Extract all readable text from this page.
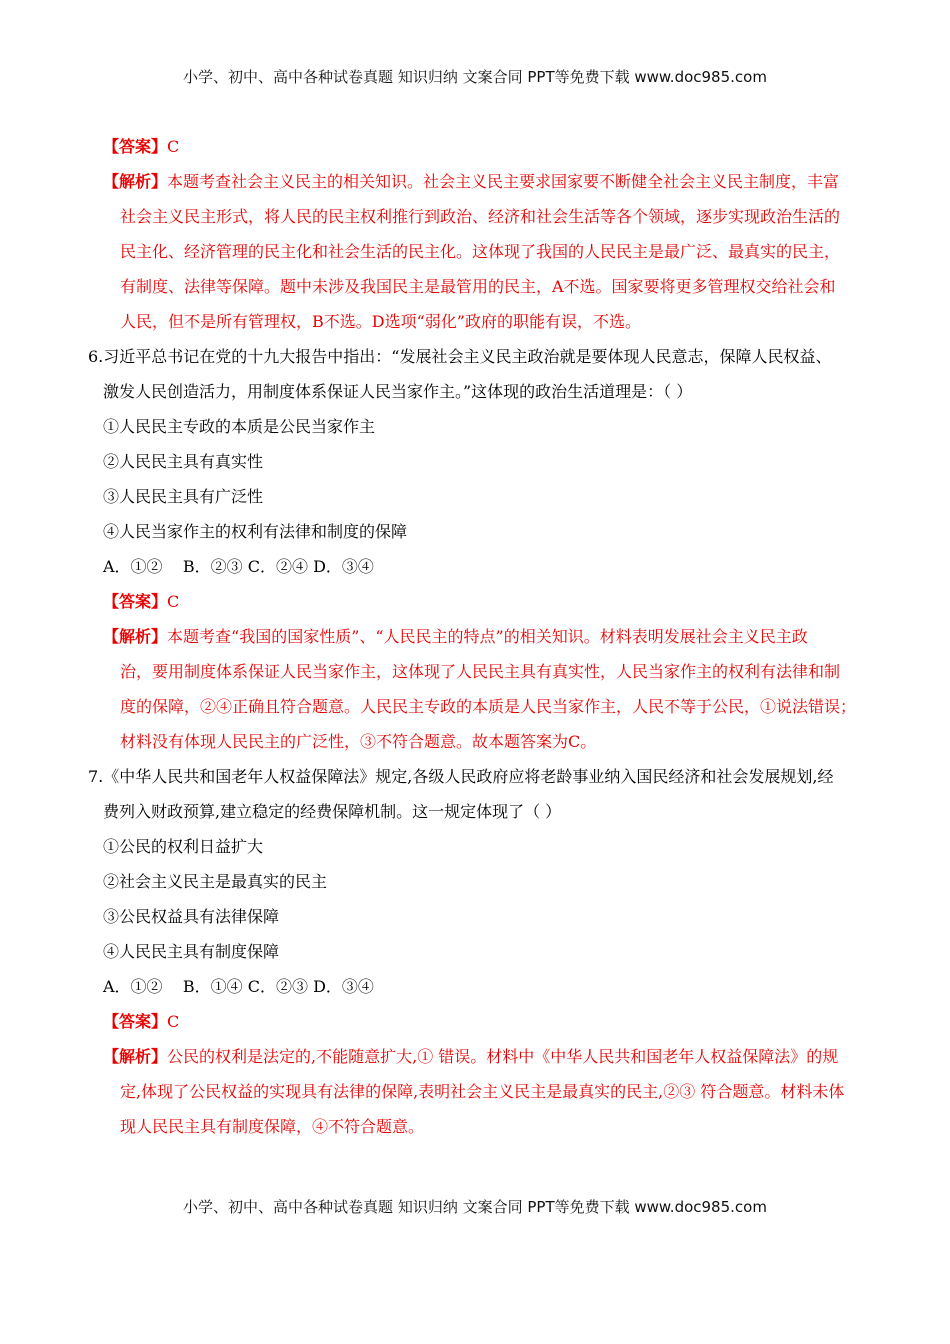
小学、初中、高中各种试卷真题 知识归纳 文案合同 PPT等免费下载 www.doc985.com
【答案】C
【解析】本题考查社会主义民主的相关知识。社会主义民主要求国家要不断健全社会主义民主制度，丰富
社会主义民主形式，将人民的民主权利推行到政治、经济和社会生活等各个领域，逐步实现政治生活的
民主化、经济管理的民主化和社会生活的民主化。这体现了我国的人民民主是最广泛、最真实的民主，
有制度、法律等保障。题中未涉及我国民主是最管用的民主，A不选。国家要将更多管理权交给社会和
人民，但不是所有管理权，B不选。D选项“弱化”政府的职能有误，不选。
6.习近平总书记在党的十九大报告中指出：“发展社会主义民主政治就是要体现人民意志，保障人民权益、
激发人民创造活力，用制度体系保证人民当家作主。”这体现的政治生活道理是：（ ）
①人民民主专政的本质是公民当家作主
②人民民主具有真实性
③人民民主具有广泛性
④人民当家作主的权利有法律和制度的保障
A．①②    B．②③ C．②④ D．③④
【答案】C
【解析】本题考查“我国的国家性质”、“人民民主的特点”的相关知识。材料表明发展社会主义民主政
治，要用制度体系保证人民当家作主，这体现了人民民主具有真实性，人民当家作主的权利有法律和制
度的保障，②④正确且符合题意。人民民主专政的本质是人民当家作主，人民不等于公民，①说法错误；
材料没有体现人民民主的广泛性，③不符合题意。故本题答案为C。
7.《中华人民共和国老年人权益保障法》规定,各级人民政府应将老龄事业纳入国民经济和社会发展规划,经
费列入财政预算,建立稳定的经费保障机制。这一规定体现了（ ）
①公民的权利日益扩大
②社会主义民主是最真实的民主
③公民权益具有法律保障
④人民民主具有制度保障
A．①②    B．①④ C．②③ D．③④
【答案】C
【解析】公民的权利是法定的,不能随意扩大,① 错误。材料中《中华人民共和国老年人权益保障法》的规
定,体现了公民权益的实现具有法律的保障,表明社会主义民主是最真实的民主,②③ 符合题意。材料未体
现人民民主具有制度保障，④不符合题意。
小学、初中、高中各种试卷真题 知识归纳 文案合同 PPT等免费下载 www.doc985.com
